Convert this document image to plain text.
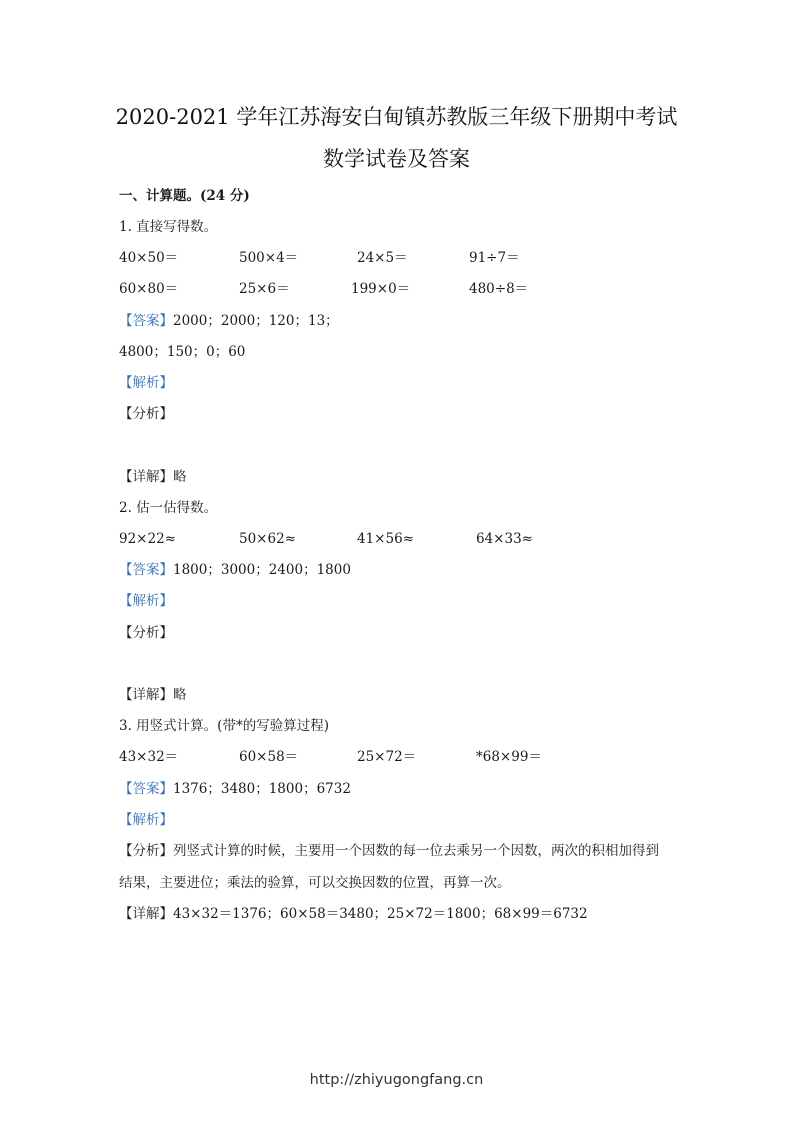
2020-2021 学年江苏海安白甸镇苏教版三年级下册期中考试
数学试卷及答案
一、计算题。(24 分)
1. 直接写得数。
40×50＝	500×4＝	24×5＝	91÷7＝
60×80＝	25×6＝	199×0＝	480÷8＝
【答案】2000；2000；120；13；
4800；150；0；60
【解析】
【分析】
【详解】略
2. 估一估得数。
92×22≈	50×62≈	41×56≈	64×33≈
【答案】1800；3000；2400；1800
【解析】
【分析】
【详解】略
3. 用竖式计算。(带*的写验算过程)
43×32＝	60×58＝	25×72＝	*68×99＝
【答案】1376；3480；1800；6732
【解析】
【分析】列竖式计算的时候，主要用一个因数的每一位去乘另一个因数，两次的积相加得到
结果，主要进位；乘法的验算，可以交换因数的位置，再算一次。
【详解】43×32＝1376；60×58＝3480；25×72＝1800；68×99＝6732
http://zhiyugongfang.cn
